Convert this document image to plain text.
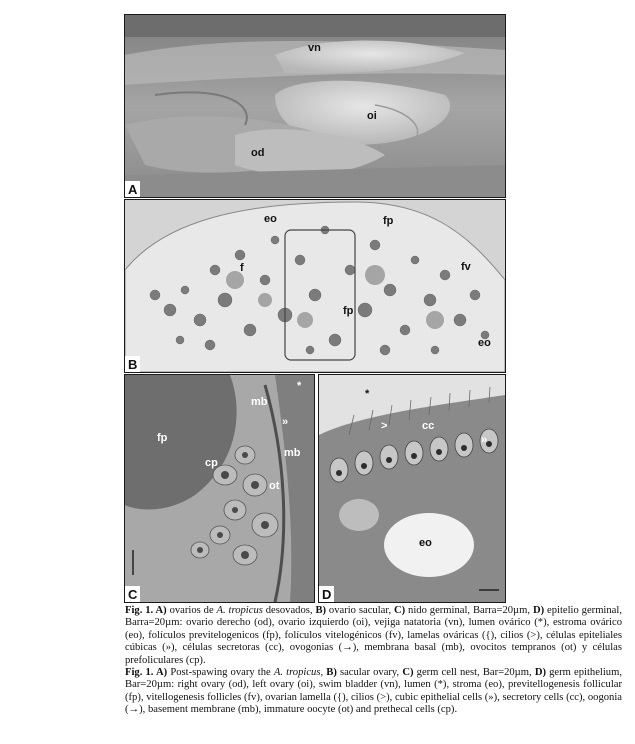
vn
oi
od
A
eo	fp
f	fv
fp
eo
B
fp
mb
*
»
cp
mb
ot
C
*
>	cc
»
eo
D

Fig. 1. A) ovarios de A. tropicus desovados, B) ovario sacular, C) nido germinal, Barra=20µm, D) epitelio germinal, Barra=20µm: ovario derecho (od), ovario izquierdo (oi), vejiga natatoria (vn), lumen ovárico (*), estroma ovárico (eo), folículos previtelogenicos (fp), folículos vitelogénicos (fv), lamelas ováricas ({), cilios (>), células epiteliales cúbicas (»), células secretoras (cc), ovogonias (→), membrana basal (mb), ovocitos tempranos (ot) y células prefoliculares (cp).

Fig. 1. A) Post-spawing ovary the A. tropicus, B) sacular ovary, C) germ cell nest, Bar=20µm, D) germ epithelium, Bar=20µm: right ovary (od), left ovary (oi), swim bladder (vn), lumen (*), stroma (eo), previtellogenesis follicular (fp), vitellogenesis follicles (fv), ovarian lamella ({), cilios (>), cubic epithelial cells (»), secretory cells (cc), oogonia (→), basement membrane (mb), immature oocyte (ot) and prethecal cells (cp).
